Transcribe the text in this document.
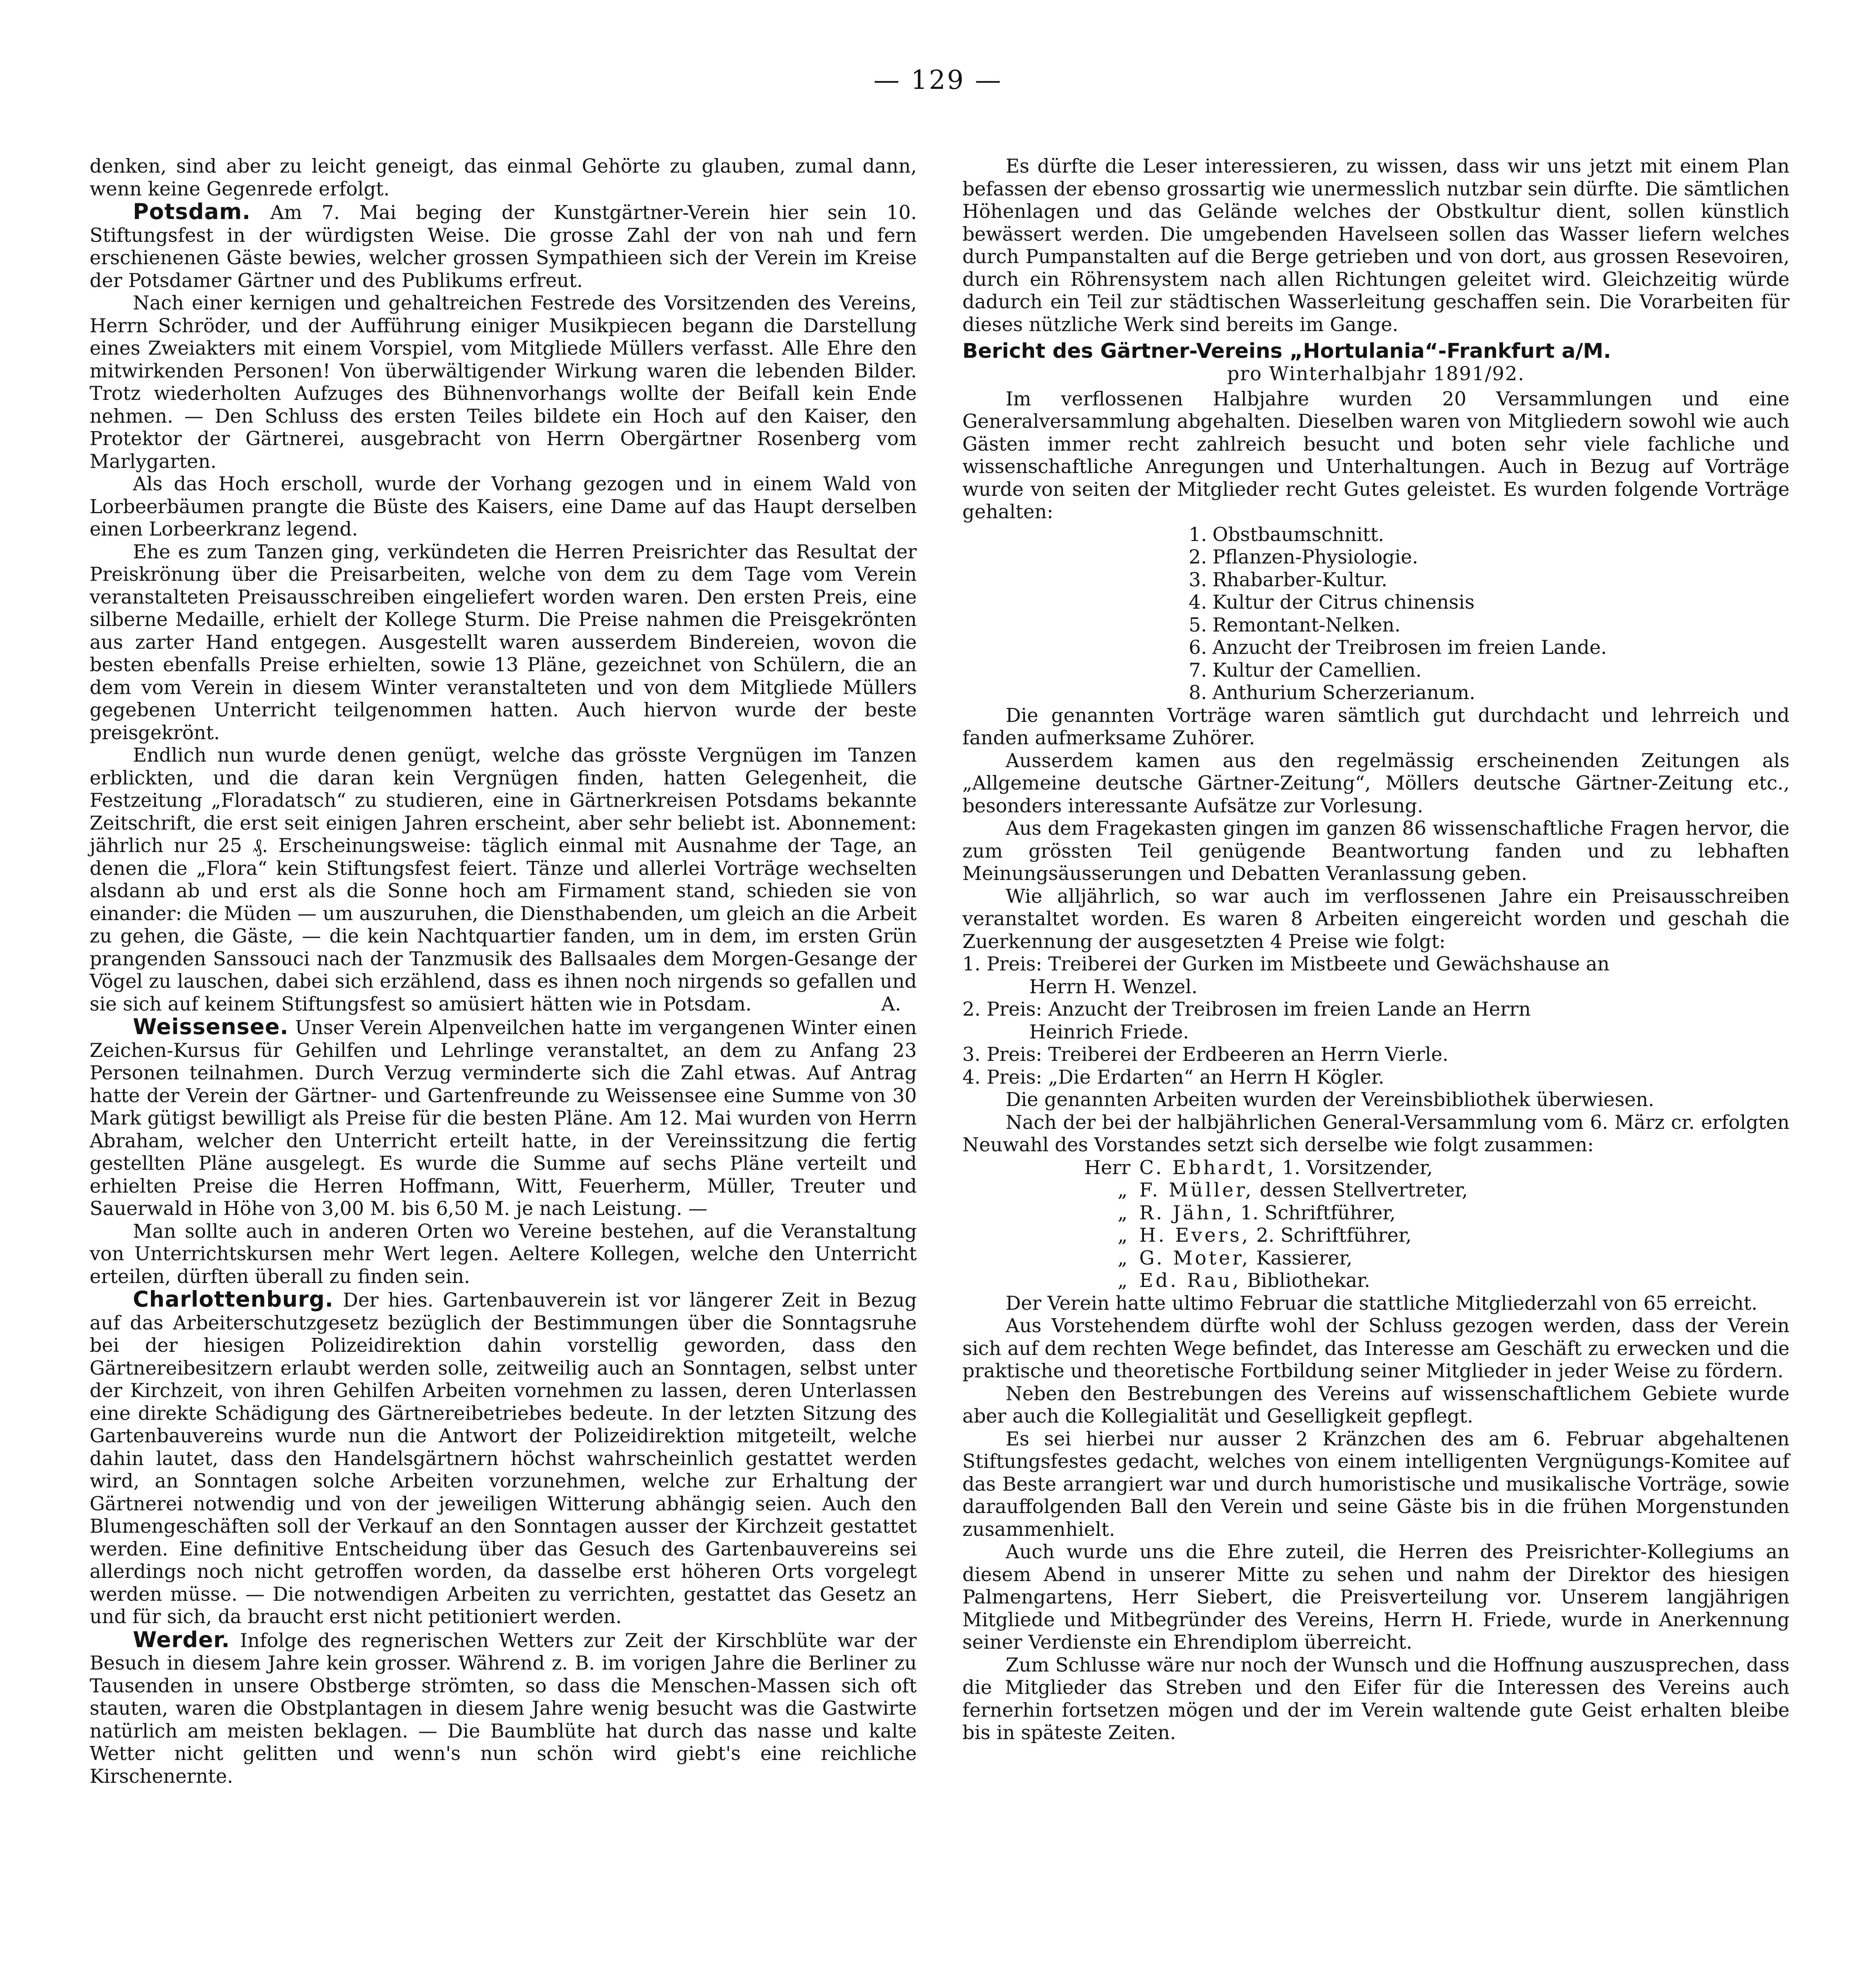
— 129 —

denken, sind aber zu leicht geneigt, das einmal Gehörte zu glauben, zumal dann, wenn keine Gegenrede erfolgt.

Potsdam. Am 7. Mai beging der Kunstgärtner-Verein hier sein 10. Stiftungsfest in der würdigsten Weise. Die grosse Zahl der von nah und fern erschienenen Gäste bewies, welcher grossen Sympathieen sich der Verein im Kreise der Potsdamer Gärtner und des Publikums erfreut.

Nach einer kernigen und gehaltreichen Festrede des Vorsitzenden des Vereins, Herrn Schröder, und der Aufführung einiger Musikpiecen begann die Darstellung eines Zweiakters mit einem Vorspiel, vom Mitgliede Müllers verfasst. Alle Ehre den mitwirkenden Personen! Von überwältigender Wirkung waren die lebenden Bilder. Trotz wiederholten Aufzuges des Bühnenvorhangs wollte der Beifall kein Ende nehmen. — Den Schluss des ersten Teiles bildete ein Hoch auf den Kaiser, den Protektor der Gärtnerei, ausgebracht von Herrn Obergärtner Rosenberg vom Marlygarten.

Als das Hoch erscholl, wurde der Vorhang gezogen und in einem Wald von Lorbeerbäumen prangte die Büste des Kaisers, eine Dame auf das Haupt derselben einen Lorbeerkranz legend.

Ehe es zum Tanzen ging, verkündeten die Herren Preisrichter das Resultat der Preiskrönung über die Preisarbeiten, welche von dem zu dem Tage vom Verein veranstalteten Preisausschreiben eingeliefert worden waren. Den ersten Preis, eine silberne Medaille, erhielt der Kollege Sturm. Die Preise nahmen die Preisgekrönten aus zarter Hand entgegen. Ausgestellt waren ausserdem Bindereien, wovon die besten ebenfalls Preise erhielten, sowie 13 Pläne, gezeichnet von Schülern, die an dem vom Verein in diesem Winter veranstalteten und von dem Mitgliede Müllers gegebenen Unterricht teilgenommen hatten. Auch hiervon wurde der beste preisgekrönt.

Endlich nun wurde denen genügt, welche das grösste Vergnügen im Tanzen erblickten, und die daran kein Vergnügen finden, hatten Gelegenheit, die Festzeitung „Floradatsch“ zu studieren, eine in Gärtnerkreisen Potsdams bekannte Zeitschrift, die erst seit einigen Jahren erscheint, aber sehr beliebt ist. Abonnement: jährlich nur 25 ₰. Erscheinungsweise: täglich einmal mit Ausnahme der Tage, an denen die „Flora“ kein Stiftungsfest feiert. Tänze und allerlei Vorträge wechselten alsdann ab und erst als die Sonne hoch am Firmament stand, schieden sie von einander: die Müden — um auszuruhen, die Diensthabenden, um gleich an die Arbeit zu gehen, die Gäste, — die kein Nachtquartier fanden, um in dem, im ersten Grün prangenden Sanssouci nach der Tanzmusik des Ballsaales dem Morgen-Gesange der Vögel zu lauschen, dabei sich erzählend, dass es ihnen noch nirgends so gefallen und sie sich auf keinem Stiftungsfest so amüsiert hätten wie in Potsdam.	A.

Weissensee. Unser Verein Alpenveilchen hatte im vergangenen Winter einen Zeichen-Kursus für Gehilfen und Lehrlinge veranstaltet, an dem zu Anfang 23 Personen teilnahmen. Durch Verzug verminderte sich die Zahl etwas. Auf Antrag hatte der Verein der Gärtner- und Gartenfreunde zu Weissensee eine Summe von 30 Mark gütigst bewilligt als Preise für die besten Pläne. Am 12. Mai wurden von Herrn Abraham, welcher den Unterricht erteilt hatte, in der Vereinssitzung die fertig gestellten Pläne ausgelegt. Es wurde die Summe auf sechs Pläne verteilt und erhielten Preise die Herren Hoffmann, Witt, Feuerherm, Müller, Treuter und Sauerwald in Höhe von 3,00 M. bis 6,50 M. je nach Leistung. —

Man sollte auch in anderen Orten wo Vereine bestehen, auf die Veranstaltung von Unterrichtskursen mehr Wert legen. Aeltere Kollegen, welche den Unterricht erteilen, dürften überall zu finden sein.

Charlottenburg. Der hies. Gartenbauverein ist vor längerer Zeit in Bezug auf das Arbeiterschutzgesetz bezüglich der Bestimmungen über die Sonntagsruhe bei der hiesigen Polizeidirektion dahin vorstellig geworden, dass den Gärtnereibesitzern erlaubt werden solle, zeitweilig auch an Sonntagen, selbst unter der Kirchzeit, von ihren Gehilfen Arbeiten vornehmen zu lassen, deren Unterlassen eine direkte Schädigung des Gärtnereibetriebes bedeute. In der letzten Sitzung des Gartenbauvereins wurde nun die Antwort der Polizeidirektion mitgeteilt, welche dahin lautet, dass den Handelsgärtnern höchst wahrscheinlich gestattet werden wird, an Sonntagen solche Arbeiten vorzunehmen, welche zur Erhaltung der Gärtnerei notwendig und von der jeweiligen Witterung abhängig seien. Auch den Blumengeschäften soll der Verkauf an den Sonntagen ausser der Kirchzeit gestattet werden. Eine definitive Entscheidung über das Gesuch des Gartenbauvereins sei allerdings noch nicht getroffen worden, da dasselbe erst höheren Orts vorgelegt werden müsse. — Die notwendigen Arbeiten zu verrichten, gestattet das Gesetz an und für sich, da braucht erst nicht petitioniert werden.

Werder. Infolge des regnerischen Wetters zur Zeit der Kirschblüte war der Besuch in diesem Jahre kein grosser. Während z. B. im vorigen Jahre die Berliner zu Tausenden in unsere Obstberge strömten, so dass die Menschen-Massen sich oft stauten, waren die Obstplantagen in diesem Jahre wenig besucht was die Gastwirte natürlich am meisten beklagen. — Die Baumblüte hat durch das nasse und kalte Wetter nicht gelitten und wenn's nun schön wird giebt's eine reichliche Kirschenernte.

Es dürfte die Leser interessieren, zu wissen, dass wir uns jetzt mit einem Plan befassen der ebenso grossartig wie unermesslich nutzbar sein dürfte. Die sämtlichen Höhenlagen und das Gelände welches der Obstkultur dient, sollen künstlich bewässert werden. Die umgebenden Havelseen sollen das Wasser liefern welches durch Pumpanstalten auf die Berge getrieben und von dort, aus grossen Resevoiren, durch ein Röhrensystem nach allen Richtungen geleitet wird. Gleichzeitig würde dadurch ein Teil zur städtischen Wasserleitung geschaffen sein. Die Vorarbeiten für dieses nützliche Werk sind bereits im Gange.

Bericht des Gärtner-Vereins „Hortulania“-Frankfurt a/M.
pro Winterhalbjahr 1891/92.

Im verflossenen Halbjahre wurden 20 Versammlungen und eine Generalversammlung abgehalten. Dieselben waren von Mitgliedern sowohl wie auch Gästen immer recht zahlreich besucht und boten sehr viele fachliche und wissenschaftliche Anregungen und Unterhaltungen. Auch in Bezug auf Vorträge wurde von seiten der Mitglieder recht Gutes geleistet. Es wurden folgende Vorträge gehalten:

1. Obstbaumschnitt.
2. Pflanzen-Physiologie.
3. Rhabarber-Kultur.
4. Kultur der Citrus chinensis
5. Remontant-Nelken.
6. Anzucht der Treibrosen im freien Lande.
7. Kultur der Camellien.
8. Anthurium Scherzerianum.

Die genannten Vorträge waren sämtlich gut durchdacht und lehrreich und fanden aufmerksame Zuhörer.

Ausserdem kamen aus den regelmässig erscheinenden Zeitungen als „Allgemeine deutsche Gärtner-Zeitung“, Möllers deutsche Gärtner-Zeitung etc., besonders interessante Aufsätze zur Vorlesung.

Aus dem Fragekasten gingen im ganzen 86 wissenschaftliche Fragen hervor, die zum grössten Teil genügende Beantwortung fanden und zu lebhaften Meinungsäusserungen und Debatten Veranlassung geben.

Wie alljährlich, so war auch im verflossenen Jahre ein Preisausschreiben veranstaltet worden. Es waren 8 Arbeiten eingereicht worden und geschah die Zuerkennung der ausgesetzten 4 Preise wie folgt:

1. Preis: Treiberei der Gurken im Mistbeete und Gewächshause an
Herrn H. Wenzel.
2. Preis: Anzucht der Treibrosen im freien Lande an Herrn
Heinrich Friede.
3. Preis: Treiberei der Erdbeeren an Herrn Vierle.
4. Preis: „Die Erdarten“ an Herrn H Kögler.

Die genannten Arbeiten wurden der Vereinsbibliothek überwiesen.

Nach der bei der halbjährlichen General-Versammlung vom 6. März cr. erfolgten Neuwahl des Vorstandes setzt sich derselbe wie folgt zusammen:

Herr C. Ebhardt, 1. Vorsitzender,
„ F. Müller, dessen Stellvertreter,
„ R. Jähn, 1. Schriftführer,
„ H. Evers, 2. Schriftführer,
„ G. Moter, Kassierer,
„ Ed. Rau, Bibliothekar.

Der Verein hatte ultimo Februar die stattliche Mitgliederzahl von 65 erreicht.

Aus Vorstehendem dürfte wohl der Schluss gezogen werden, dass der Verein sich auf dem rechten Wege befindet, das Interesse am Geschäft zu erwecken und die praktische und theoretische Fortbildung seiner Mitglieder in jeder Weise zu fördern.

Neben den Bestrebungen des Vereins auf wissenschaftlichem Gebiete wurde aber auch die Kollegialität und Geselligkeit gepflegt.

Es sei hierbei nur ausser 2 Kränzchen des am 6. Februar abgehaltenen Stiftungsfestes gedacht, welches von einem intelligenten Vergnügungs-Komitee auf das Beste arrangiert war und durch humoristische und musikalische Vorträge, sowie darauffolgenden Ball den Verein und seine Gäste bis in die frühen Morgenstunden zusammenhielt.

Auch wurde uns die Ehre zuteil, die Herren des Preisrichter-Kollegiums an diesem Abend in unserer Mitte zu sehen und nahm der Direktor des hiesigen Palmengartens, Herr Siebert, die Preisverteilung vor. Unserem langjährigen Mitgliede und Mitbegründer des Vereins, Herrn H. Friede, wurde in Anerkennung seiner Verdienste ein Ehrendiplom überreicht.

Zum Schlusse wäre nur noch der Wunsch und die Hoffnung auszusprechen, dass die Mitglieder das Streben und den Eifer für die Interessen des Vereins auch fernerhin fortsetzen mögen und der im Verein waltende gute Geist erhalten bleibe bis in späteste Zeiten.
